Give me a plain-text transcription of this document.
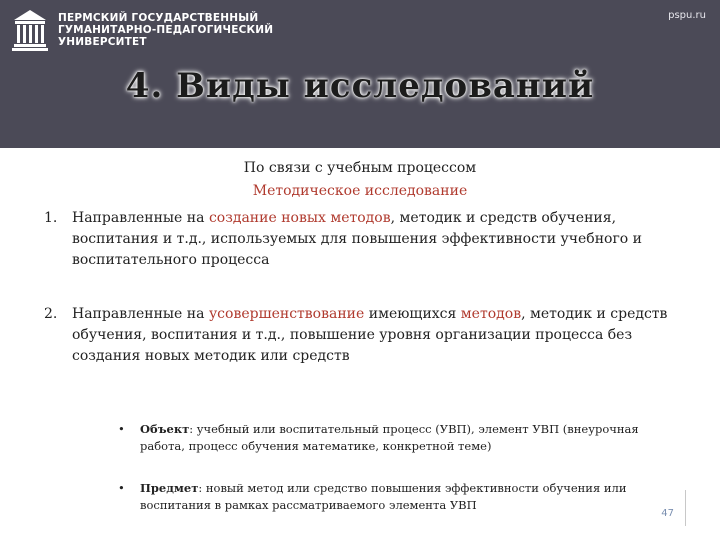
ПЕРМСКИЙ ГОСУДАРСТВЕННЫЙ
ГУМАНИТАРНО-ПЕДАГОГИЧЕСКИЙ
УНИВЕРСИТЕТ
pspu.ru
4. Виды исследований
По связи с учебным процессом
Методическое исследование
1. Направленные на создание новых методов, методик и средств обучения, воспитания и т.д., используемых для повышения эффективности учебного и воспитательного процесса
2. Направленные на усовершенствование имеющихся методов, методик и средств обучения, воспитания и т.д., повышение уровня организации процесса без создания новых методик или средств
• Объект: учебный или воспитательный процесс (УВП), элемент УВП (внеурочная работа, процесс обучения математике, конкретной теме)
• Предмет: новый метод или средство повышения эффективности обучения или воспитания в рамках рассматриваемого элемента УВП
47
